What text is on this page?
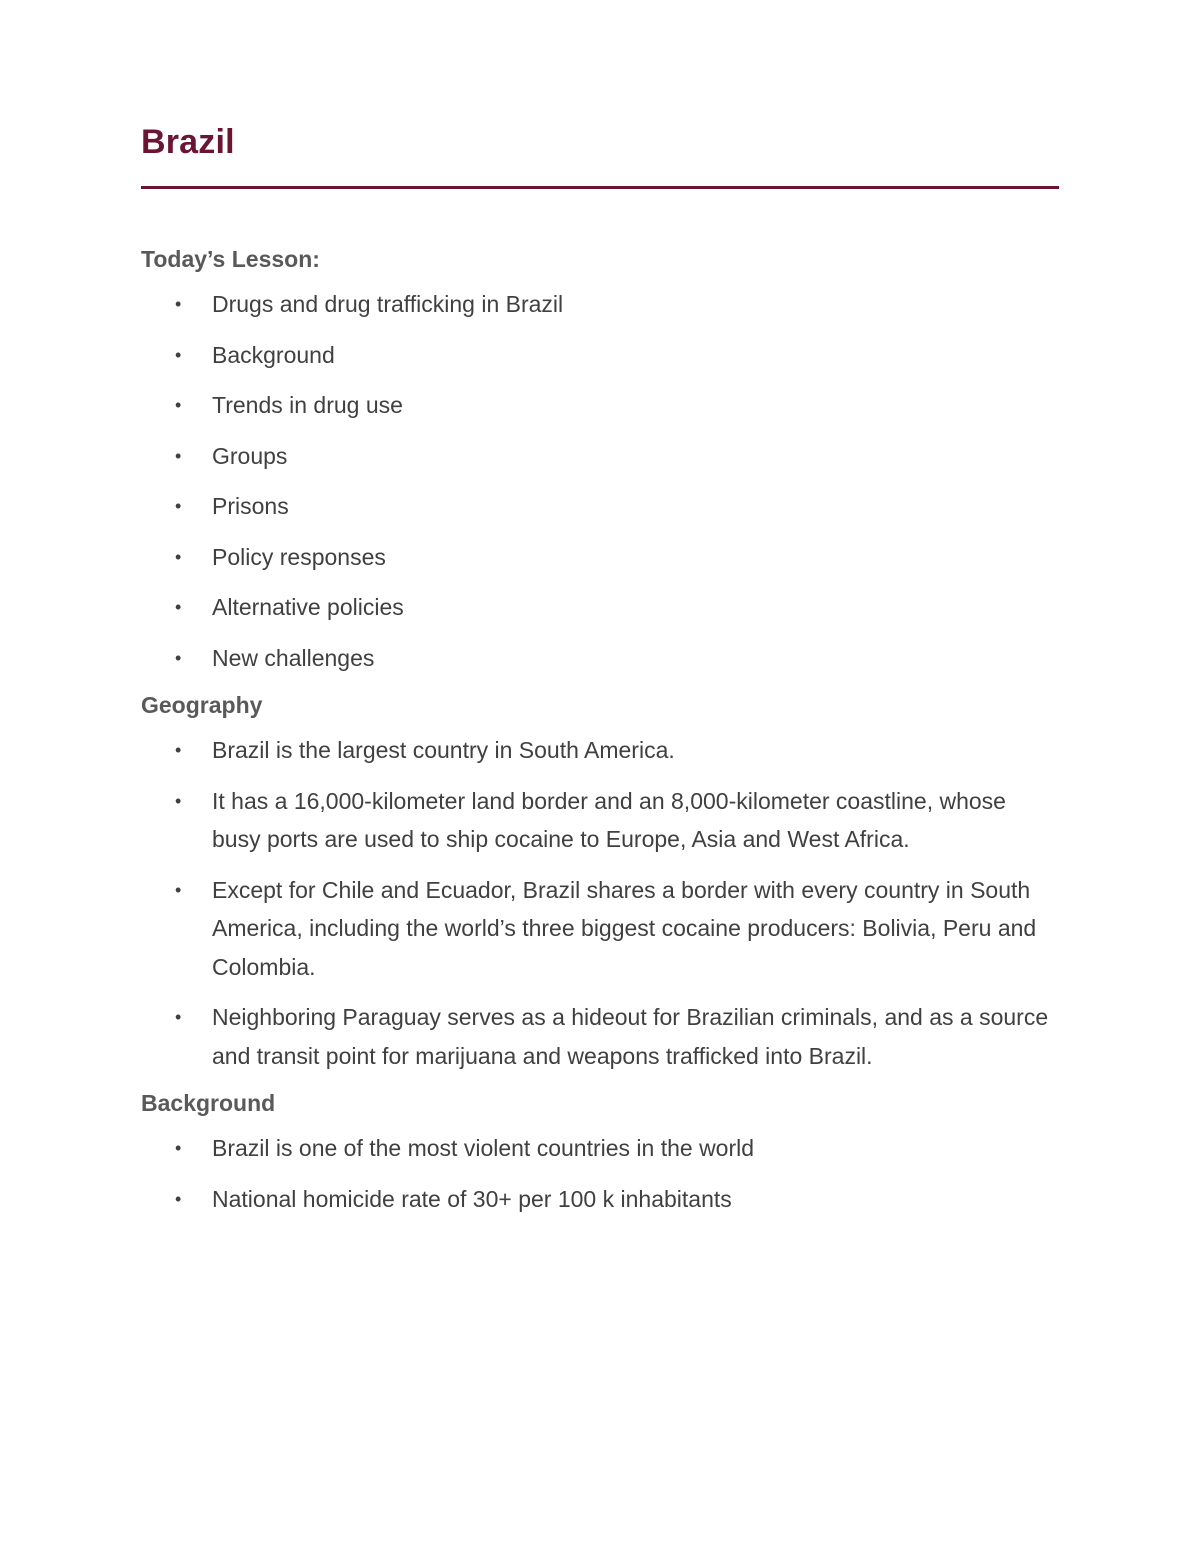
Brazil
Today’s Lesson:
• Drugs and drug trafficking in Brazil
• Background
• Trends in drug use
• Groups
• Prisons
• Policy responses
• Alternative policies
• New challenges
Geography
• Brazil is the largest country in South America.
• It has a 16,000-kilometer land border and an 8,000-kilometer coastline, whose busy ports are used to ship cocaine to Europe, Asia and West Africa.
• Except for Chile and Ecuador, Brazil shares a border with every country in South America, including the world’s three biggest cocaine producers: Bolivia, Peru and Colombia.
• Neighboring Paraguay serves as a hideout for Brazilian criminals, and as a source and transit point for marijuana and weapons trafficked into Brazil.
Background
• Brazil is one of the most violent countries in the world
• National homicide rate of 30+ per 100 k inhabitants
